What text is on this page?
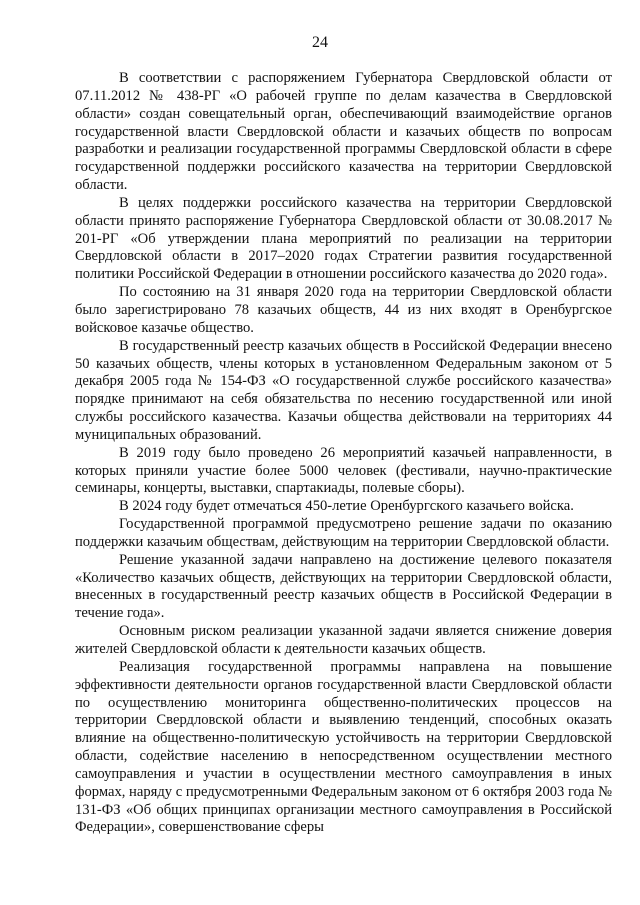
24

В соответствии с распоряжением Губернатора Свердловской области от 07.11.2012 № 438-РГ «О рабочей группе по делам казачества в Свердловской области» создан совещательный орган, обеспечивающий взаимодействие органов государственной власти Свердловской области и казачьих обществ по вопросам разработки и реализации государственной программы Свердловской области в сфере государственной поддержки российского казачества на территории Свердловской области.

В целях поддержки российского казачества на территории Свердловской области принято распоряжение Губернатора Свердловской области от 30.08.2017 № 201-РГ «Об утверждении плана мероприятий по реализации на территории Свердловской области в 2017–2020 годах Стратегии развития государственной политики Российской Федерации в отношении российского казачества до 2020 года».

По состоянию на 31 января 2020 года на территории Свердловской области было зарегистрировано 78 казачьих обществ, 44 из них входят в Оренбургское войсковое казачье общество.

В государственный реестр казачьих обществ в Российской Федерации внесено 50 казачьих обществ, члены которых в установленном Федеральным законом от 5 декабря 2005 года № 154-ФЗ «О государственной службе российского казачества» порядке принимают на себя обязательства по несению государственной или иной службы российского казачества. Казачьи общества действовали на территориях 44 муниципальных образований.

В 2019 году было проведено 26 мероприятий казачьей направленности, в которых приняли участие более 5000 человек (фестивали, научно-практические семинары, концерты, выставки, спартакиады, полевые сборы).

В 2024 году будет отмечаться 450-летие Оренбургского казачьего войска.

Государственной программой предусмотрено решение задачи по оказанию поддержки казачьим обществам, действующим на территории Свердловской области.

Решение указанной задачи направлено на достижение целевого показателя «Количество казачьих обществ, действующих на территории Свердловской области, внесенных в государственный реестр казачьих обществ в Российской Федерации в течение года».

Основным риском реализации указанной задачи является снижение доверия жителей Свердловской области к деятельности казачьих обществ.

Реализация государственной программы направлена на повышение эффективности деятельности органов государственной власти Свердловской области по осуществлению мониторинга общественно-политических процессов на территории Свердловской области и выявлению тенденций, способных оказать влияние на общественно-политическую устойчивость на территории Свердловской области, содействие населению в непосредственном осуществлении местного самоуправления и участии в осуществлении местного самоуправления в иных формах, наряду с предусмотренными Федеральным законом от 6 октября 2003 года № 131-ФЗ «Об общих принципах организации местного самоуправления в Российской Федерации», совершенствование сферы
